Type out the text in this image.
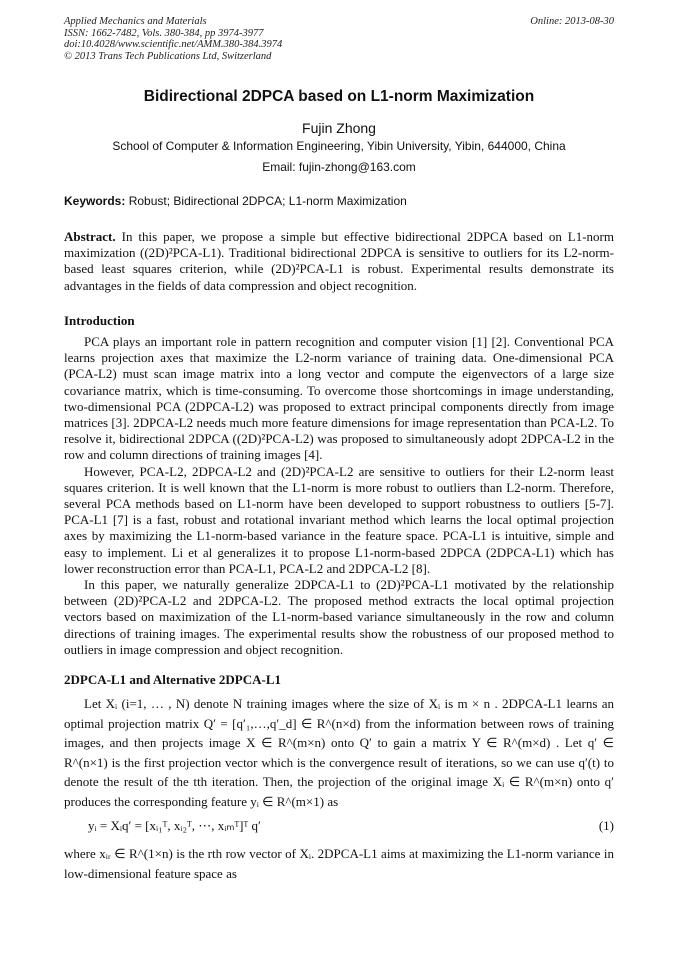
Applied Mechanics and Materials
ISSN: 1662-7482, Vols. 380-384, pp 3974-3977
doi:10.4028/www.scientific.net/AMM.380-384.3974
© 2013 Trans Tech Publications Ltd, Switzerland
Online: 2013-08-30
Bidirectional 2DPCA based on L1-norm Maximization
Fujin Zhong
School of Computer & Information Engineering, Yibin University, Yibin, 644000, China
Email: fujin-zhong@163.com
Keywords: Robust; Bidirectional 2DPCA; L1-norm Maximization

Abstract. In this paper, we propose a simple but effective bidirectional 2DPCA based on L1-norm maximization ((2D)²PCA-L1). Traditional bidirectional 2DPCA is sensitive to outliers for its L2-norm-based least squares criterion, while (2D)²PCA-L1 is robust. Experimental results demonstrate its advantages in the fields of data compression and object recognition.

Introduction

PCA plays an important role in pattern recognition and computer vision [1] [2]. Conventional PCA learns projection axes that maximize the L2-norm variance of training data. One-dimensional PCA (PCA-L2) must scan image matrix into a long vector and compute the eigenvectors of a large size covariance matrix, which is time-consuming. To overcome those shortcomings in image understanding, two-dimensional PCA (2DPCA-L2) was proposed to extract principal components directly from image matrices [3]. 2DPCA-L2 needs much more feature dimensions for image representation than PCA-L2. To resolve it, bidirectional 2DPCA ((2D)²PCA-L2) was proposed to simultaneously adopt 2DPCA-L2 in the row and column directions of training images [4].

However, PCA-L2, 2DPCA-L2 and (2D)²PCA-L2 are sensitive to outliers for their L2-norm least squares criterion. It is well known that the L1-norm is more robust to outliers than L2-norm. Therefore, several PCA methods based on L1-norm have been developed to support robustness to outliers [5-7]. PCA-L1 [7] is a fast, robust and rotational invariant method which learns the local optimal projection axes by maximizing the L1-norm-based variance in the feature space. PCA-L1 is intuitive, simple and easy to implement. Li et al generalizes it to propose L1-norm-based 2DPCA (2DPCA-L1) which has lower reconstruction error than PCA-L1, PCA-L2 and 2DPCA-L2 [8].

In this paper, we naturally generalize 2DPCA-L1 to (2D)²PCA-L1 motivated by the relationship between (2D)²PCA-L2 and 2DPCA-L2. The proposed method extracts the local optimal projection vectors based on maximization of the L1-norm-based variance simultaneously in the row and column directions of training images. The experimental results show the robustness of our proposed method to outliers in image compression and object recognition.

2DPCA-L1 and Alternative 2DPCA-L1

Let Xᵢ (i=1, … , N) denote N training images where the size of Xᵢ is m × n . 2DPCA-L1 learns an optimal projection matrix Q′ = [q′₁,…,q′_d] ∈ R^(n×d) from the information between rows of training images, and then projects image X ∈ R^(m×n) onto Q′ to gain a matrix Y ∈ R^(m×d) . Let q′ ∈ R^(n×1) is the first projection vector which is the convergence result of iterations, so we can use q′(t) to denote the result of the tth iteration. Then, the projection of the original image Xᵢ ∈ R^(m×n) onto q′ produces the corresponding feature yᵢ ∈ R^(m×1) as

yᵢ = Xᵢq′ = [xᵢ₁ᵀ, xᵢ₂ᵀ, ⋯, xᵢₘᵀ]ᵀ q′	(1)

where xᵢᵣ ∈ R^(1×n) is the rth row vector of Xᵢ. 2DPCA-L1 aims at maximizing the L1-norm variance in low-dimensional feature space as
